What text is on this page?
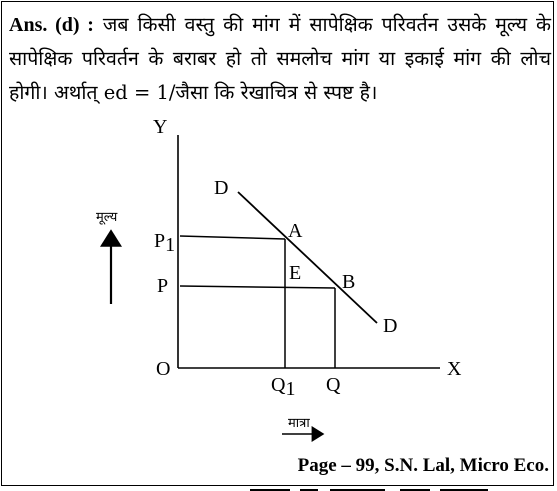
Ans. (d) : जब किसी वस्तु की मांग में सापेक्षिक परिवर्तन उसके मूल्य के सापेक्षिक परिवर्तन के बराबर हो तो समलोच मांग या इकाई मांग की लोच होगी। अर्थात् ed = 1/जैसा कि रेखाचित्र से स्पष्ट है।
Y
X
O
D
D
A
B
E
P1
P
Q1 Q
मूल्य
मात्रा
Page – 99, S.N. Lal, Micro Eco.
